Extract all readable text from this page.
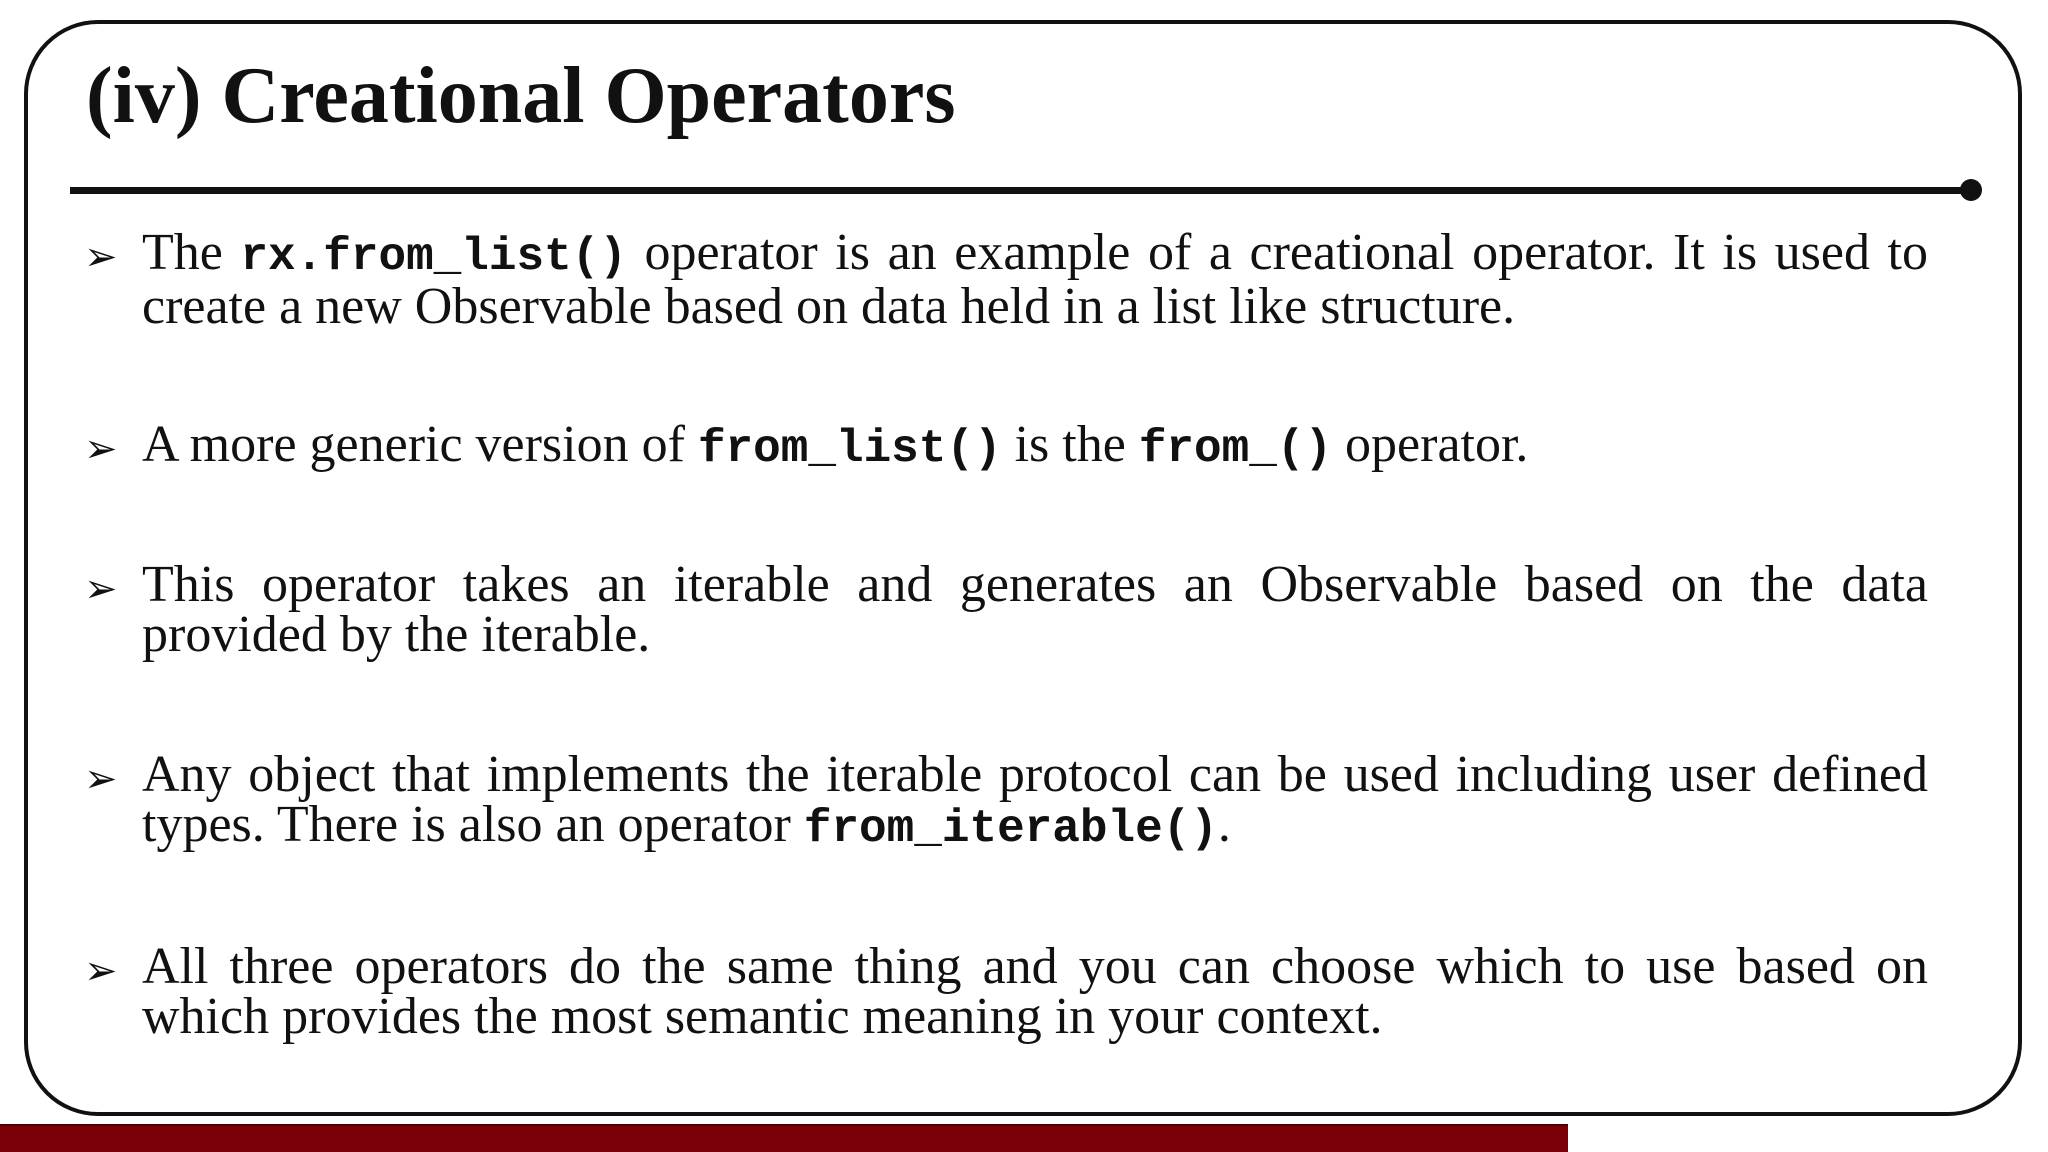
(iv) Creational Operators
➢ The rx.from_list() operator is an example of a creational operator. It is used to create a new Observable based on data held in a list like structure.
➢ A more generic version of from_list() is the from_() operator.
➢ This operator takes an iterable and generates an Observable based on the data provided by the iterable.
➢ Any object that implements the iterable protocol can be used including user defined types. There is also an operator from_iterable().
➢ All three operators do the same thing and you can choose which to use based on which provides the most semantic meaning in your context.
